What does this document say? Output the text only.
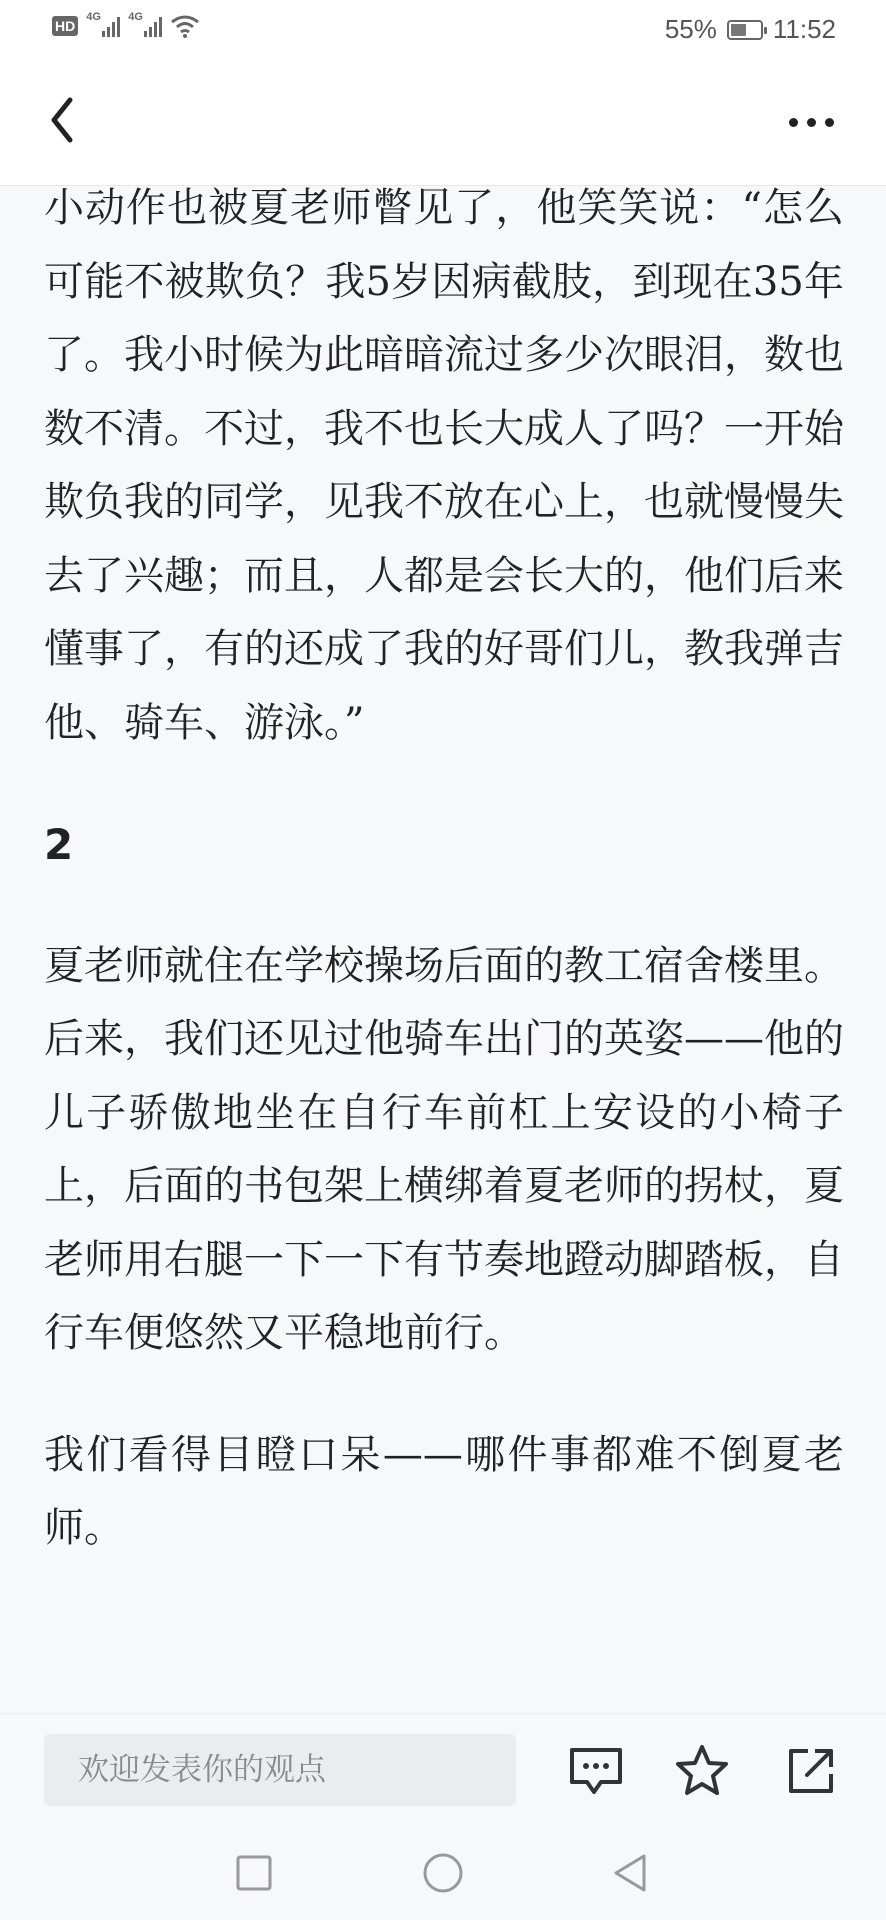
HD
4G 4G	55% 11:52

小动作也被夏老师瞥见了，他笑笑说：“怎么可能不被欺负？我5岁因病截肢，到现在35年了。我小时候为此暗暗流过多少次眼泪，数也数不清。不过，我不也长大成人了吗？一开始欺负我的同学，见我不放在心上，也就慢慢失去了兴趣；而且，人都是会长大的，他们后来懂事了，有的还成了我的好哥们儿，教我弹吉他、骑车、游泳。”

2

夏老师就住在学校操场后面的教工宿舍楼里。后来，我们还见过他骑车出门的英姿——他的儿子骄傲地坐在自行车前杠上安设的小椅子上，后面的书包架上横绑着夏老师的拐杖，夏老师用右腿一下一下有节奏地蹬动脚踏板，自行车便悠然又平稳地前行。

我们看得目瞪口呆——哪件事都难不倒夏老师。

欢迎发表你的观点
